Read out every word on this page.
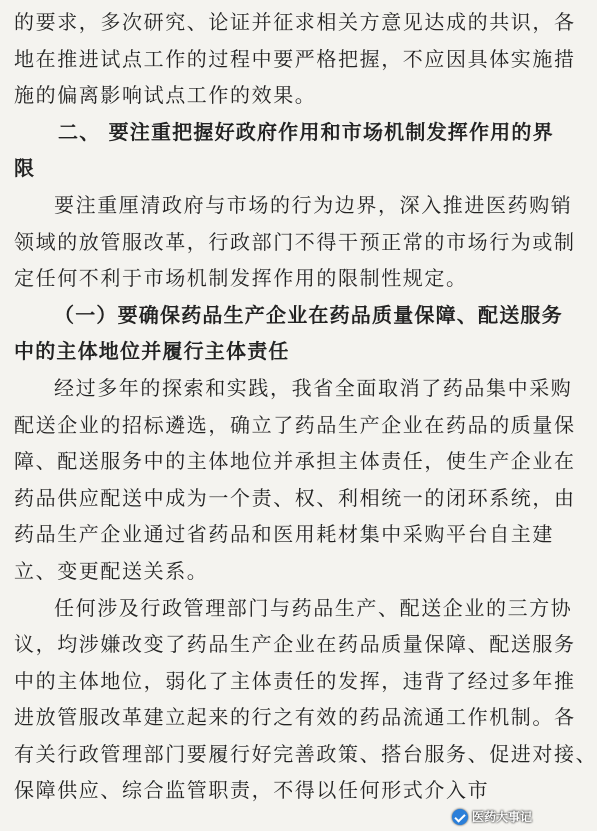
的要求，多次研究、论证并征求相关方意见达成的共识，各
地在推进试点工作的过程中要严格把握，不应因具体实施措
施的偏离影响试点工作的效果。
二、 要注重把握好政府作用和市场机制发挥作用的界
限
要注重厘清政府与市场的行为边界，深入推进医药购销
领域的放管服改革，行政部门不得干预正常的市场行为或制
定任何不利于市场机制发挥作用的限制性规定。
（一）要确保药品生产企业在药品质量保障、配送服务
中的主体地位并履行主体责任
经过多年的探索和实践，我省全面取消了药品集中采购
配送企业的招标遴选，确立了药品生产企业在药品的质量保
障、配送服务中的主体地位并承担主体责任，使生产企业在
药品供应配送中成为一个责、权、利相统一的闭环系统，由
药品生产企业通过省药品和医用耗材集中采购平台自主建
立、变更配送关系。
任何涉及行政管理部门与药品生产、配送企业的三方协
议，均涉嫌改变了药品生产企业在药品质量保障、配送服务
中的主体地位，弱化了主体责任的发挥，违背了经过多年推
进放管服改革建立起来的行之有效的药品流通工作机制。各
有关行政管理部门要履行好完善政策、搭台服务、促进对接、
保障供应、综合监管职责，不得以任何形式介入市
医药大事记
